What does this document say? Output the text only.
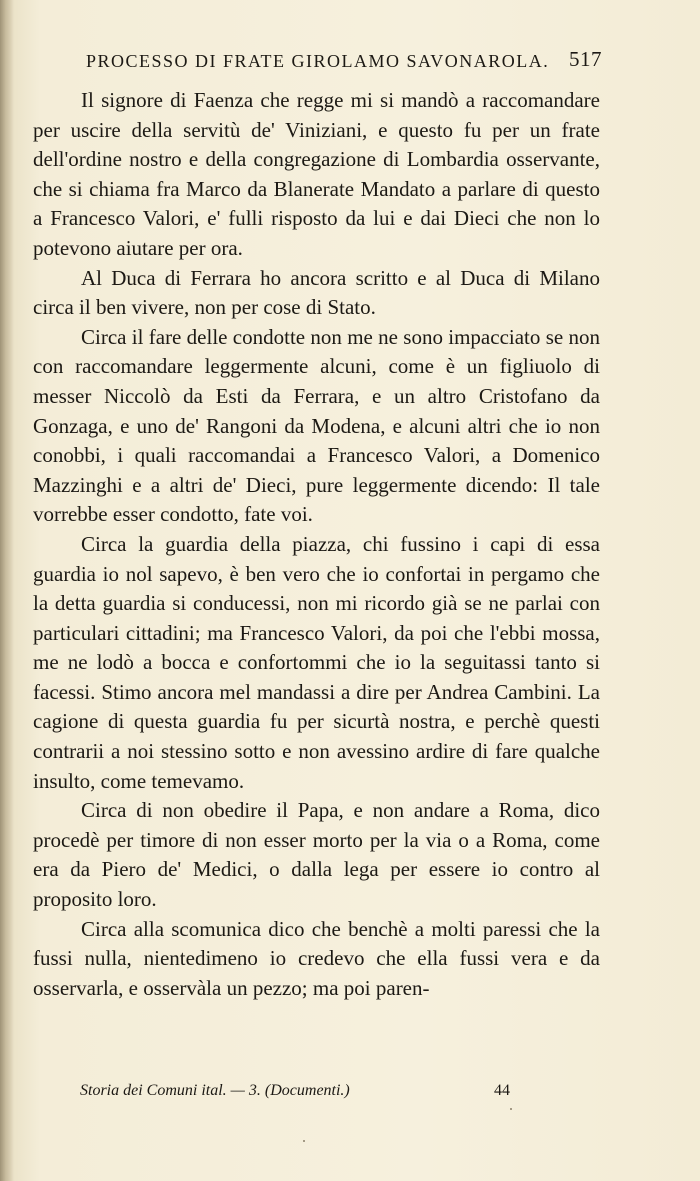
PROCESSO DI FRATE GIROLAMO SAVONAROLA. 517

Il signore di Faenza che regge mi si mandò a raccomandare per uscire della servitù de' Viniziani, e questo fu per un frate dell'ordine nostro e della congregazione di Lombardia osservante, che si chiama fra Marco da Blanerate Mandato a parlare di questo a Francesco Valori, e' fulli risposto da lui e dai Dieci che non lo potevono aiutare per ora.

Al Duca di Ferrara ho ancora scritto e al Duca di Milano circa il ben vivere, non per cose di Stato.

Circa il fare delle condotte non me ne sono impacciato se non con raccomandare leggermente alcuni, come è un figliuolo di messer Niccolò da Esti da Ferrara, e un altro Cristofano da Gonzaga, e uno de' Rangoni da Modena, e alcuni altri che io non conobbi, i quali raccomandai a Francesco Valori, a Domenico Mazzinghi e a altri de' Dieci, pure leggermente dicendo: Il tale vorrebbe esser condotto, fate voi.

Circa la guardia della piazza, chi fussino i capi di essa guardia io nol sapevo, è ben vero che io confortai in pergamo che la detta guardia si conducessi, non mi ricordo già se ne parlai con particulari cittadini; ma Francesco Valori, da poi che l'ebbi mossa, me ne lodò a bocca e confortommi che io la seguitassi tanto si facessi. Stimo ancora mel mandassi a dire per Andrea Cambini. La cagione di questa guardia fu per sicurtà nostra, e perchè questi contrarii a noi stessino sotto e non avessino ardire di fare qualche insulto, come temevamo.

Circa di non obedire il Papa, e non andare a Roma, dico procedè per timore di non esser morto per la via o a Roma, come era da Piero de' Medici, o dalla lega per essere io contro al proposito loro.

Circa alla scomunica dico che benchè a molti paressi che la fussi nulla, nientedimeno io credevo che ella fussi vera e da osservarla, e osservàla un pezzo; ma poi paren-

Storia dei Comuni ital. — 3. (Documenti.)	44
